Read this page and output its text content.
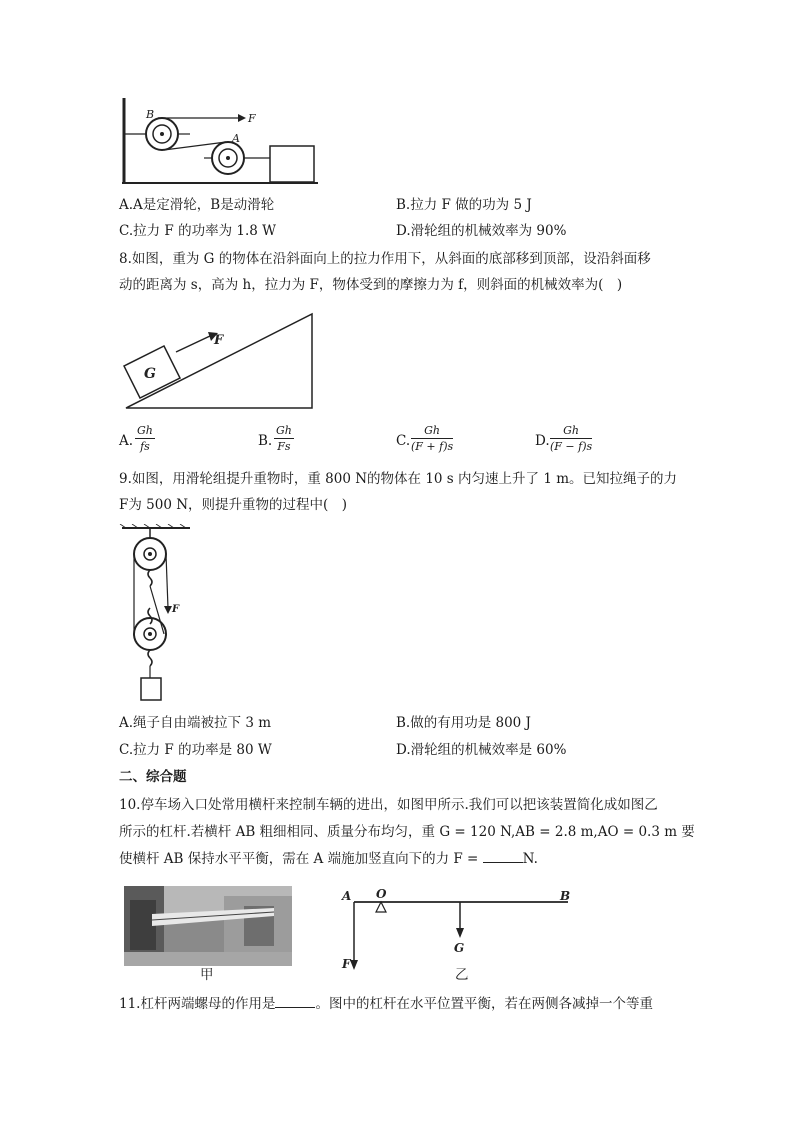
B	F
A
A.A是定滑轮，B是动滑轮	B.拉力 F 做的功为 5 J
C.拉力 F 的功率为 1.8 W	D.滑轮组的机械效率为 90%
8.如图，重为 G 的物体在沿斜面向上的拉力作用下，从斜面的底部移到顶部，设沿斜面移
动的距离为 s，高为 h，拉力为 F，物体受到的摩擦力为 f，则斜面的机械效率为(　)
G
F
A. $\frac{Gh}{fs}$	B. $\frac{Gh}{Fs}$	C. $\frac{Gh}{(F + f)s}$	D. $\frac{Gh}{(F - f)s}$
9.如图，用滑轮组提升重物时，重 800 N的物体在 10 s 内匀速上升了 1 m。已知拉绳子的力
F为 500 N，则提升重物的过程中(　)
F
A.绳子自由端被拉下 3 m	B.做的有用功是 800 J
C.拉力 F 的功率是 80 W	D.滑轮组的机械效率是 60%
二、综合题
10.停车场入口处常用横杆来控制车辆的进出，如图甲所示.我们可以把该装置简化成如图乙
所示的杠杆.若横杆 AB 粗细相同、质量分布均匀，重 G = 120 N,AB = 2.8 m,AO = 0.3 m 要
使横杆 AB 保持水平平衡，需在 A 端施加竖直向下的力 F =	N.
甲
A O	B
G
F
乙
11.杠杆两端螺母的作用是	。图中的杠杆在水平位置平衡，若在两侧各减掉一个等重
